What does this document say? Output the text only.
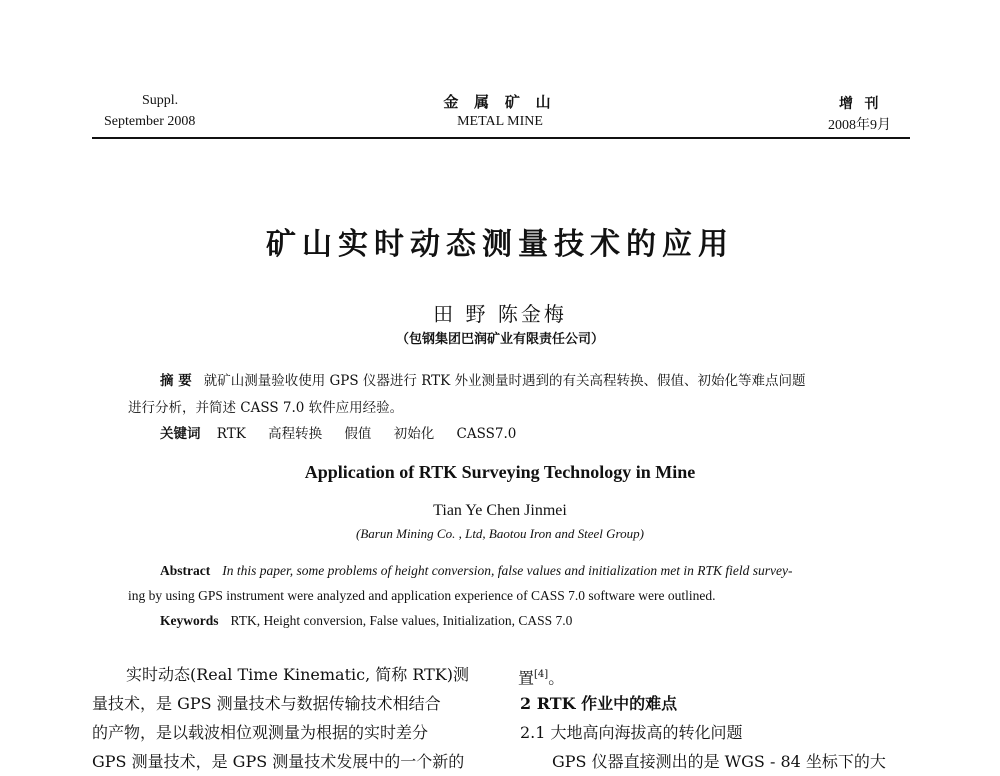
Suppl.
September 2008
金 属 矿 山
METAL MINE
增 刊
2008年9月
矿山实时动态测量技术的应用
田 野 陈金梅
（包钢集团巴润矿业有限责任公司）
摘 要 就矿山测量验收使用 GPS 仪器进行 RTK 外业测量时遇到的有关高程转换、假值、初始化等难点问题
进行分析，并简述 CASS 7.0 软件应用经验。
关键词 RTK 高程转换 假值 初始化 CASS7.0
Application of RTK Surveying Technology in Mine
Tian Ye Chen Jinmei
(Barun Mining Co. , Ltd, Baotou Iron and Steel Group)
Abstract In this paper, some problems of height conversion, false values and initialization met in RTK field survey-
ing by using GPS instrument were analyzed and application experience of CASS 7.0 software were outlined.
Keywords RTK, Height conversion, False values, Initialization, CASS 7.0
实时动态(Real Time Kinematic, 简称 RTK)测
量技术，是 GPS 测量技术与数据传输技术相结合
的产物，是以载波相位观测量为根据的实时差分
GPS 测量技术，是 GPS 测量技术发展中的一个新的
置[4]。
2 RTK 作业中的难点
2.1 大地高向海拔高的转化问题
GPS 仪器直接测出的是 WGS - 84 坐标下的大
